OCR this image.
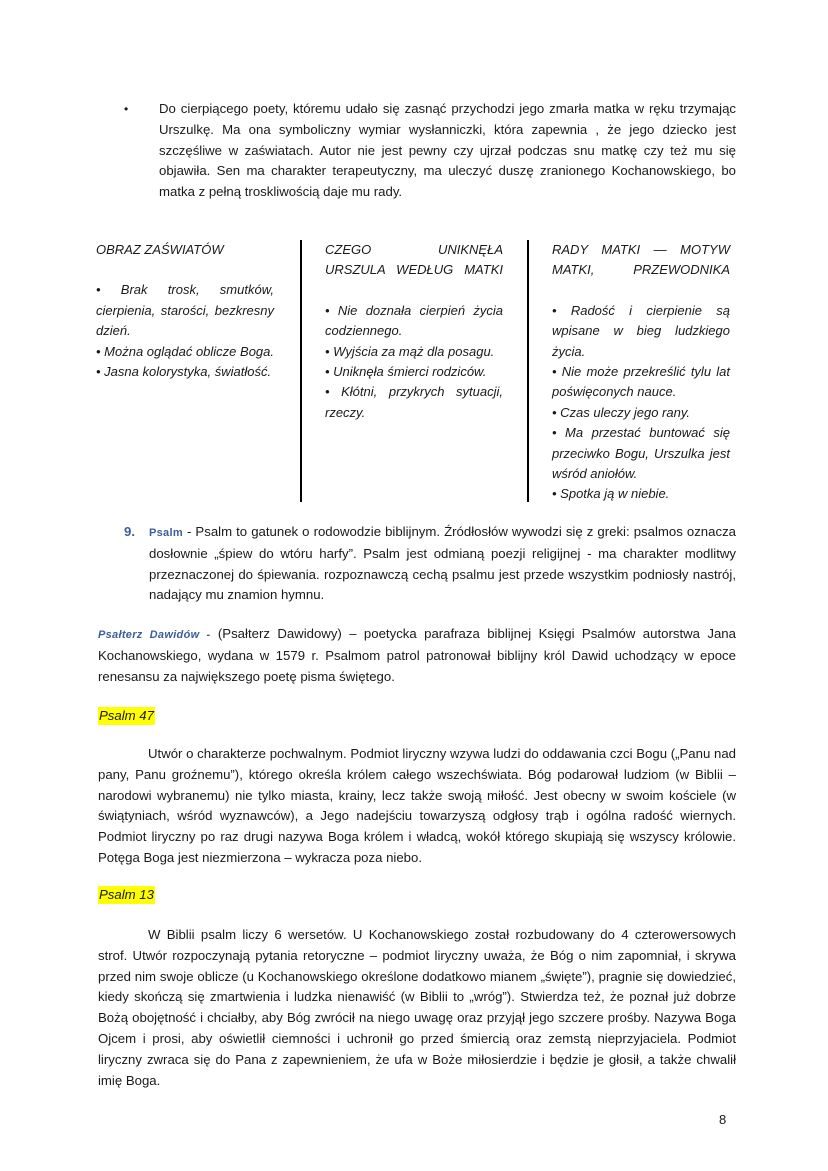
• Do cierpiącego poety, któremu udało się zasnąć przychodzi jego zmarła matka w ręku trzymając Urszulkę. Ma ona symboliczny wymiar wysłanniczki, która zapewnia , że jego dziecko jest szczęśliwe w zaświatach. Autor nie jest pewny czy ujrzał podczas snu matkę czy też mu się objawiła. Sen ma charakter terapeutyczny, ma uleczyć duszę zranionego Kochanowskiego, bo matka z pełną troskliwością daje mu rady.

OBRAZ ZAŚWIATÓW
• Brak trosk, smutków, cierpienia, starości, bezkresny dzień.
• Można oglądać oblicze Boga.
• Jasna kolorystyka, światłość.
CZEGO UNIKNĘŁA URSZULA WEDŁUG MATKI
• Nie doznała cierpień życia codziennego.
• Wyjścia za mąż dla posagu.
• Uniknęła śmierci rodziców.
• Kłótni, przykrych sytuacji, rzeczy.
RADY MATKI — MOTYW MATKI, PRZEWODNIKA
• Radość i cierpienie są wpisane w bieg ludzkiego życia.
• Nie może przekreślić tylu lat poświęconych nauce.
• Czas uleczy jego rany.
• Ma przestać buntować się przeciwko Bogu, Urszulka jest wśród aniołów.
• Spotka ją w niebie.
9. Psalm - Psalm to gatunek o rodowodzie biblijnym. Źródłosłów wywodzi się z greki: psalmos oznacza dosłownie „śpiew do wtóru harfy”. Psalm jest odmianą poezji religijnej - ma charakter modlitwy przeznaczonej do śpiewania. rozpoznawczą cechą psalmu jest przede wszystkim podniosły nastrój, nadający mu znamion hymnu.
Psałterz Dawidów - (Psałterz Dawidowy) – poetycka parafraza biblijnej Księgi Psalmów autorstwa Jana Kochanowskiego, wydana w 1579 r. Psalmom patrol patronował biblijny król Dawid uchodzący w epoce renesansu za największego poetę pisma świętego.
Psalm 47
Utwór o charakterze pochwalnym. Podmiot liryczny wzywa ludzi do oddawania czci Bogu („Panu nad pany, Panu groźnemu”), którego określa królem całego wszechświata. Bóg podarował ludziom (w Biblii – narodowi wybranemu) nie tylko miasta, krainy, lecz także swoją miłość. Jest obecny w swoim kościele (w świątyniach, wśród wyznawców), a Jego nadejściu towarzyszą odgłosy trąb i ogólna radość wiernych. Podmiot liryczny po raz drugi nazywa Boga królem i władcą, wokół którego skupiają się wszyscy królowie. Potęga Boga jest niezmierzona – wykracza poza niebo.
Psalm 13
W Biblii psalm liczy 6 wersetów. U Kochanowskiego został rozbudowany do 4 czterowersowych strof. Utwór rozpoczynają pytania retoryczne – podmiot liryczny uważa, że Bóg o nim zapomniał, i skrywa przed nim swoje oblicze (u Kochanowskiego określone dodatkowo mianem „święte”), pragnie się dowiedzieć, kiedy skończą się zmartwienia i ludzka nienawiść (w Biblii to „wróg”). Stwierdza też, że poznał już dobrze Bożą obojętność i chciałby, aby Bóg zwrócił na niego uwagę oraz przyjął jego szczere prośby. Nazywa Boga Ojcem i prosi, aby oświetlił ciemności i uchronił go przed śmiercią oraz zemstą nieprzyjaciela. Podmiot liryczny zwraca się do Pana z zapewnieniem, że ufa w Boże miłosierdzie i będzie je głosił, a także chwalił imię Boga.
8
